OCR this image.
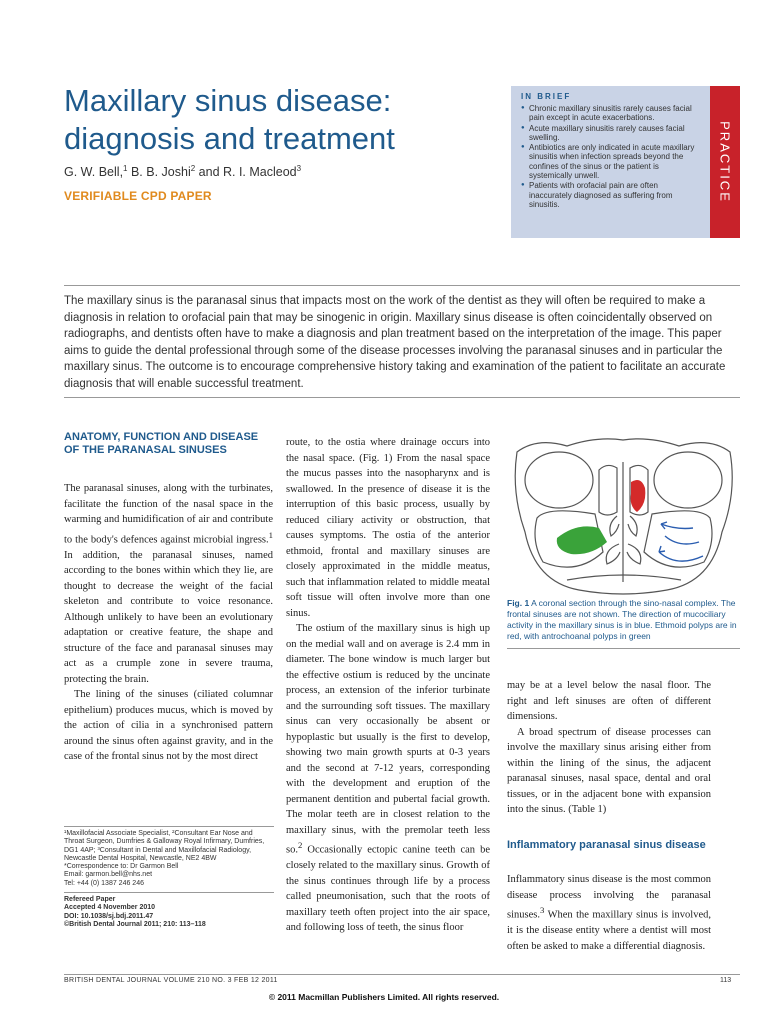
Maxillary sinus disease: diagnosis and treatment
G. W. Bell,$^1$ B. B. Joshi$^2$ and R. I. Macleod$^3$
VERIFIABLE CPD PAPER
IN BRIEF
● Chronic maxillary sinusitis rarely causes facial pain except in acute exacerbations.
● Acute maxillary sinusitis rarely causes facial swelling.
● Antibiotics are only indicated in acute maxillary sinusitis when infection spreads beyond the confines of the sinus or the patient is systemically unwell.
● Patients with orofacial pain are often inaccurately diagnosed as suffering from sinusitis.
PRACTICE

The maxillary sinus is the paranasal sinus that impacts most on the work of the dentist as they will often be required to make a diagnosis in relation to orofacial pain that may be sinogenic in origin. Maxillary sinus disease is often coincidentally observed on radiographs, and dentists often have to make a diagnosis and plan treatment based on the interpretation of the image. This paper aims to guide the dental professional through some of the disease processes involving the paranasal sinuses and in particular the maxillary sinus. The outcome is to encourage comprehensive history taking and examination of the patient to facilitate an accurate diagnosis that will enable successful treatment.

ANATOMY, FUNCTION AND DISEASE OF THE PARANASAL SINUSES

The paranasal sinuses, along with the turbinates, facilitate the function of the nasal space in the warming and humidification of air and contribute to the body's defences against microbial ingress.$^1$ In addition, the paranasal sinuses, named according to the bones within which they lie, are thought to decrease the weight of the facial skeleton and contribute to voice resonance. Although unlikely to have been an evolutionary adaptation or creative feature, the shape and structure of the face and paranasal sinuses may act as a crumple zone in severe trauma, protecting the brain.

The lining of the sinuses (ciliated columnar epithelium) produces mucus, which is moved by the action of cilia in a synchronised pattern around the sinus often against gravity, and in the case of the frontal sinus not by the most direct

¹Maxillofacial Associate Specialist, ²Consultant Ear Nose and Throat Surgeon, Dumfries & Galloway Royal Infirmary, Dumfries, DG1 4AP; ³Consultant in Dental and Maxillofacial Radiology, Newcastle Dental Hospital, Newcastle, NE2 4BW
*Correspondence to: Dr Garmon Bell
Email: garmon.bell@nhs.net
Tel: +44 (0) 1387 246 246
Refereed Paper
Accepted 4 November 2010
DOI: 10.1038/sj.bdj.2011.47
©British Dental Journal 2011; 210: 113–118

route, to the ostia where drainage occurs into the nasal space. (Fig. 1) From the nasal space the mucus passes into the nasopharynx and is swallowed. In the presence of disease it is the interruption of this basic process, usually by reduced ciliary activity or obstruction, that causes symptoms. The ostia of the anterior ethmoid, frontal and maxillary sinuses are closely approximated in the middle meatus, such that inflammation related to middle meatal soft tissue will often involve more than one sinus.

The ostium of the maxillary sinus is high up on the medial wall and on average is 2.4 mm in diameter. The bone window is much larger but the effective ostium is reduced by the uncinate process, an extension of the inferior turbinate and the surrounding soft tissues. The maxillary sinus can very occasionally be absent or hypoplastic but usually is the first to develop, showing two main growth spurts at 0-3 years and the second at 7-12 years, corresponding with the development and eruption of the permanent dentition and pubertal facial growth. The molar teeth are in closest relation to the maxillary sinus, with the premolar teeth less so.$^2$ Occasionally ectopic canine teeth can be closely related to the maxillary sinus. Growth of the sinus continues through life by a process called pneumonisation, such that the roots of maxillary teeth often project into the air space, and following loss of teeth, the sinus floor

Fig. 1 A coronal section through the sino-nasal complex. The frontal sinuses are not shown. The direction of mucociliary activity in the maxillary sinus is in blue. Ethmoid polyps are in red, with antrochoanal polyps in green

may be at a level below the nasal floor. The right and left sinuses are often of different dimensions.

A broad spectrum of disease processes can involve the maxillary sinus arising either from within the lining of the sinus, the adjacent paranasal sinuses, nasal space, dental and oral tissues, or in the adjacent bone with expansion into the sinus. (Table 1)

Inflammatory paranasal sinus disease

Inflammatory sinus disease is the most common disease process involving the paranasal sinuses.$^3$ When the maxillary sinus is involved, it is the disease entity where a dentist will most often be asked to make a differential diagnosis.

BRITISH DENTAL JOURNAL VOLUME 210 NO. 3 FEB 12 2011	113
© 2011 Macmillan Publishers Limited. All rights reserved.
